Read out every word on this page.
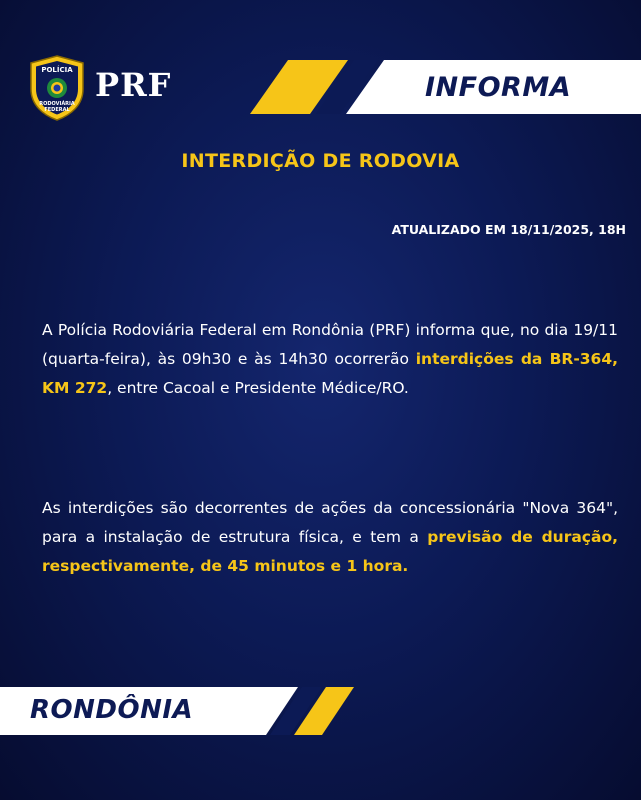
POLÍCIA
RODOVIÁRIA
FEDERAL
PRF	INFORMA
INTERDIÇÃO DE RODOVIA
ATUALIZADO EM 18/11/2025, 18H

A Polícia Rodoviária Federal em Rondônia (PRF) informa que, no dia 19/11 (quarta-feira), às 09h30 e às 14h30 ocorrerão interdições da BR-364, KM 272, entre Cacoal e Presidente Médice/RO.

As interdições são decorrentes de ações da concessionária "Nova 364", para a instalação de estrutura física, e tem a previsão de duração, respectivamente, de 45 minutos e 1 hora.

RONDÔNIA
